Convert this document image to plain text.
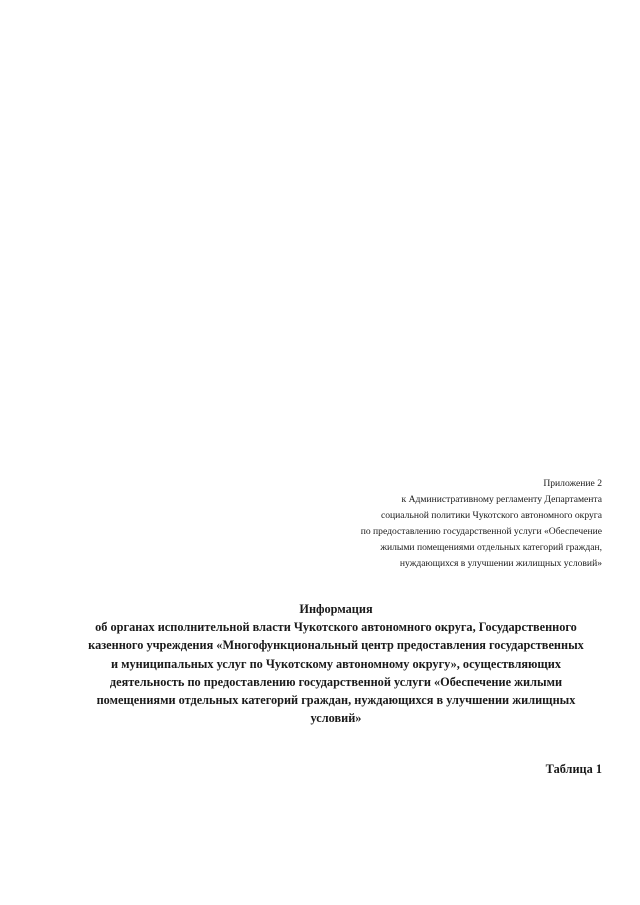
Приложение 2
к Административному регламенту Департамента
социальной политики Чукотского автономного округа
по предоставлению государственной услуги «Обеспечение
жилыми помещениями отдельных категорий граждан,
нуждающихся в улучшении жилищных условий»
Информация
об органах исполнительной власти Чукотского автономного округа, Государственного
казенного учреждения «Многофункциональный центр предоставления государственных
и муниципальных услуг по Чукотскому автономному округу», осуществляющих
деятельность по предоставлению государственной услуги «Обеспечение жилыми
помещениями отдельных категорий граждан, нуждающихся в улучшении жилищных
условий»
Таблица 1
